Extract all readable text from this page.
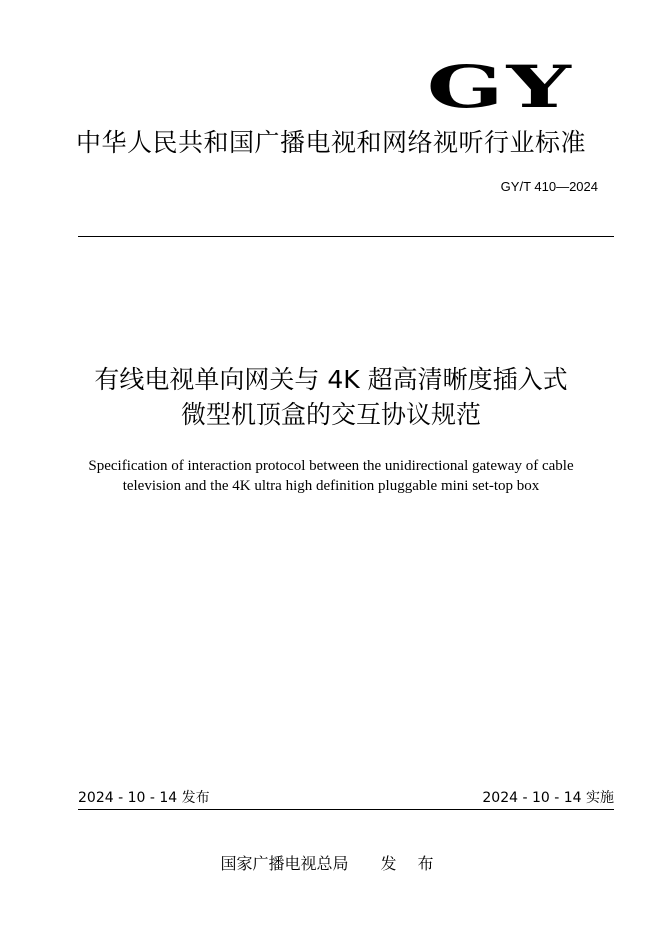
GY
中华人民共和国广播电视和网络视听行业标准
GY/T 410—2024
有线电视单向网关与 4K 超高清晰度插入式
微型机顶盒的交互协议规范
Specification of interaction protocol between the unidirectional gateway of cable
television and the 4K ultra high definition pluggable mini set-top box
2024 - 10 - 14 发布	2024 - 10 - 14 实施
国家广播电视总局 发 布
